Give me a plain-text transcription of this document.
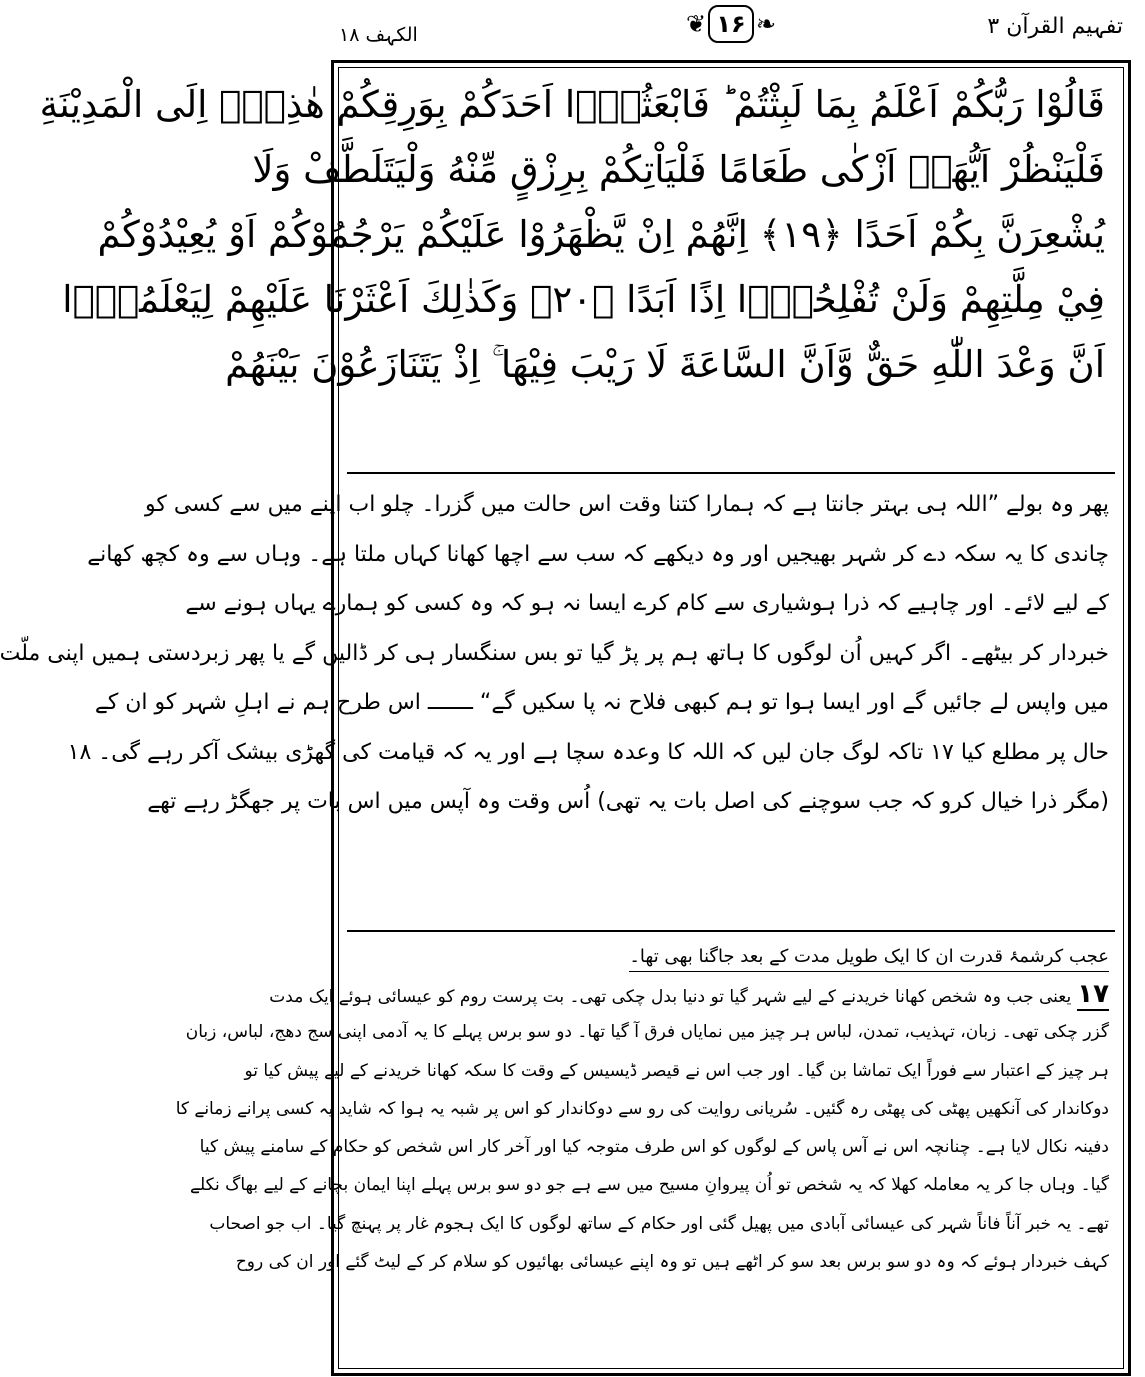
تفہیم القرآن ۳
❦ ۱۶ ❧
الکہف ۱۸
قَالُوْا رَبُّكُمْ اَعْلَمُ بِمَا لَبِثْتُمْ ؕ فَابْعَثُوْۤا اَحَدَكُمْ بِوَرِقِكُمْ هٰذِهٖۤ اِلَى الْمَدِيْنَةِ
فَلْيَنْظُرْ اَيُّهَاۤ اَزْكٰى طَعَامًا فَلْيَاْتِكُمْ بِرِزْقٍ مِّنْهُ وَلْيَتَلَطَّفْ وَلَا
يُشْعِرَنَّ بِكُمْ اَحَدًا ﴿۱۹﴾ اِنَّهُمْ اِنْ يَّظْهَرُوْا عَلَيْكُمْ يَرْجُمُوْكُمْ اَوْ يُعِيْدُوْكُمْ
فِيْ مِلَّتِهِمْ وَلَنْ تُفْلِحُوْۤا اِذًا اَبَدًا ﴿۲۰﴾ وَكَذٰلِكَ اَعْثَرْنَا عَلَيْهِمْ لِيَعْلَمُوْۤا
اَنَّ وَعْدَ اللّٰهِ حَقٌّ وَّاَنَّ السَّاعَةَ لَا رَيْبَ فِيْهَا ۚ اِذْ يَتَنَازَعُوْنَ بَيْنَهُمْ
پھر وہ بولے ”اللہ ہی بہتر جانتا ہے کہ ہمارا کتنا وقت اس حالت میں گزرا۔ چلو اب اپنے میں سے کسی کو
چاندی کا یہ سکہ دے کر شہر بھیجیں اور وہ دیکھے کہ سب سے اچھا کھانا کہاں ملتا ہے۔ وہاں سے وہ کچھ کھانے
کے لیے لائے۔ اور چاہیے کہ ذرا ہوشیاری سے کام کرے ایسا نہ ہو کہ وہ کسی کو ہمارے یہاں ہونے سے
خبردار کر بیٹھے۔ اگر کہیں اُن لوگوں کا ہاتھ ہم پر پڑ گیا تو بس سنگسار ہی کر ڈالیں گے یا پھر زبردستی ہمیں اپنی ملّت
میں واپس لے جائیں گے اور ایسا ہوا تو ہم کبھی فلاح نہ پا سکیں گے“ ـــــــ اس طرح ہم نے اہلِ شہر کو ان کے
حال پر مطلع کیا ۱۷ تاکہ لوگ جان لیں کہ اللہ کا وعدہ سچا ہے اور یہ کہ قیامت کی گھڑی بیشک آکر رہے گی۔ ۱۸
(مگر ذرا خیال کرو کہ جب سوچنے کی اصل بات یہ تھی) اُس وقت وہ آپس میں اس بات پر جھگڑ رہے تھے
عجب کرشمۂ قدرت ان کا ایک طویل مدت کے بعد جاگنا بھی تھا۔
۱۷یعنی جب وہ شخص کھانا خریدنے کے لیے شہر گیا تو دنیا بدل چکی تھی۔ بت پرست روم کو عیسائی ہوئے ایک مدت
گزر چکی تھی۔ زبان، تہذیب، تمدن، لباس ہر چیز میں نمایاں فرق آ گیا تھا۔ دو سو برس پہلے کا یہ آدمی اپنی سج دھج، لباس، زبان
ہر چیز کے اعتبار سے فوراً ایک تماشا بن گیا۔ اور جب اس نے قیصر ڈیسیس کے وقت کا سکہ کھانا خریدنے کے لیے پیش کیا تو
دوکاندار کی آنکھیں پھٹی کی پھٹی رہ گئیں۔ سُریانی روایت کی رو سے دوکاندار کو اس پر شبہ یہ ہوا کہ شاید یہ کسی پرانے زمانے کا
دفینہ نکال لایا ہے۔ چنانچہ اس نے آس پاس کے لوگوں کو اس طرف متوجہ کیا اور آخر کار اس شخص کو حکام کے سامنے پیش کیا
گیا۔ وہاں جا کر یہ معاملہ کھلا کہ یہ شخص تو اُن پیروانِ مسیح میں سے ہے جو دو سو برس پہلے اپنا ایمان بچانے کے لیے بھاگ نکلے
تھے۔ یہ خبر آناً فاناً شہر کی عیسائی آبادی میں پھیل گئی اور حکام کے ساتھ لوگوں کا ایک ہجوم غار پر پہنچ گیا۔ اب جو اصحاب
کہف خبردار ہوئے کہ وہ دو سو برس بعد سو کر اٹھے ہیں تو وہ اپنے عیسائی بھائیوں کو سلام کر کے لیٹ گئے اور ان کی روح
